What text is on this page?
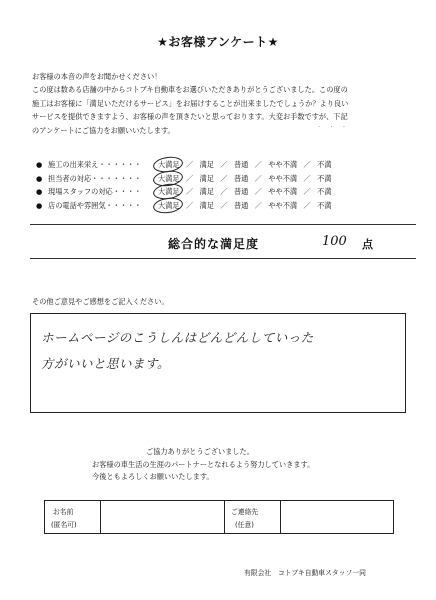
★お客様アンケート★
お客様の本音の声をお聞かせください！
この度は数ある店舗の中からコトブキ自動車をお選びいただきありがとうございました。この度の
施工はお客様に「満足いただけるサービス」をお届けすることが出来ましたでしょうか？より良い
サービスを提供できますよう、お客様の声を頂きたいと思っております。大変お手数ですが、下記
のアンケートにご協力をお願いいたします。	· · ·
● 施工の出来栄え・・・・・・ 大満足 ／ 満足 ／ 普通 ／ やや不満 ／ 不満
● 担当者の対応・・・・・・・ 大満足 ／ 満足 ／ 普通 ／ やや不満 ／ 不満
● 現場スタッフの対応・・・・ 大満足 ／ 満足 ／ 普通 ／ やや不満 ／ 不満
● 店の電話や雰囲気・・・・・ 大満足 ／ 満足 ／ 普通 ／ やや不満 ／ 不満
総合的な満足度	100 点
その他ご意見やご感想をご記入ください。
ホームページのこうしんはどんどんしていった
方がいいと思います。
ご協力ありがとうございました。
お客様の車生活の生涯のパートナーとなれるよう努力していきます。
今後ともよろしくお願いいたします。
お名前
(匿名可)
ご連絡先
(任意)
有限会社　コトブキ自動車スタッフ一同
